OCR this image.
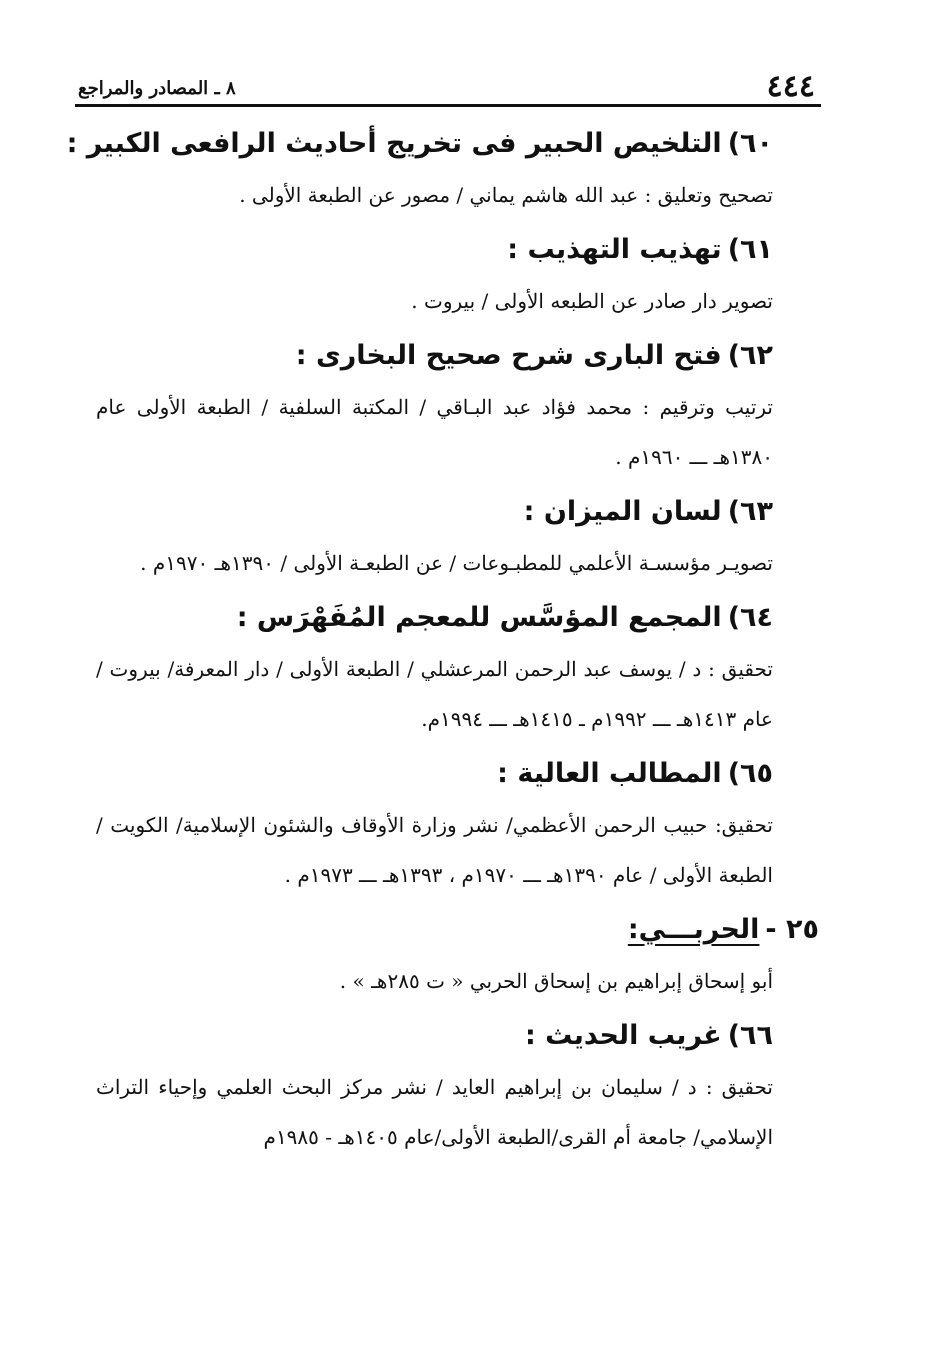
٤٤٤
٨ ـ المصادر والمراجع
٦٠)التلخيص الحبير فى تخريج أحاديث الرافعى الكبير :

تصحيح وتعليق : عبد الله هاشم يماني / مصور عن الطبعة الأولى .

٦١)تهذيب التهذيب :

تصوير دار صادر عن الطبعه الأولى / بيروت .

٦٢)فتح البارى شرح صحيح البخارى :

ترتيب وترقيم : محمد فؤاد عبد البـاقي / المكتبة السلفية / الطبعة الأولى عام ١٣٨٠هـ ـــ ١٩٦٠م .

٦٣)لسان الميزان :

تصويـر مؤسسـة الأعلمي للمطبـوعات / عن الطبعـة الأولى / ١٣٩٠هـ ١٩٧٠م .

٦٤)المجمع المؤسَّس للمعجم المُفَهْرَس :

تحقيق : د / يوسف عبد الرحمن المرعشلي / الطبعة الأولى / دار المعرفة/ بيروت / عام ١٤١٣هـ ـــ ١٩٩٢م ـ ١٤١٥هـ ـــ ١٩٩٤م.

٦٥)المطالب العالية :

تحقيق: حبيب الرحمن الأعظمي/ نشر وزارة الأوقاف والشئون الإسلامية/ الكويت / الطبعة الأولى / عام ١٣٩٠هـ ـــ ١٩٧٠م ، ١٣٩٣هـ ـــ ١٩٧٣م .

٢٥ -الحربـــي:

أبو إسحاق إبراهيم بن إسحاق الحربي « ت ٢٨٥هـ » .

٦٦)غريب الحديث :

تحقيق : د / سليمان بن إبراهيم العايد / نشر مركز البحث العلمي وإحياء التراث الإسلامي/ جامعة أم القرى/الطبعة الأولى/عام ١٤٠٥هـ - ١٩٨٥م
